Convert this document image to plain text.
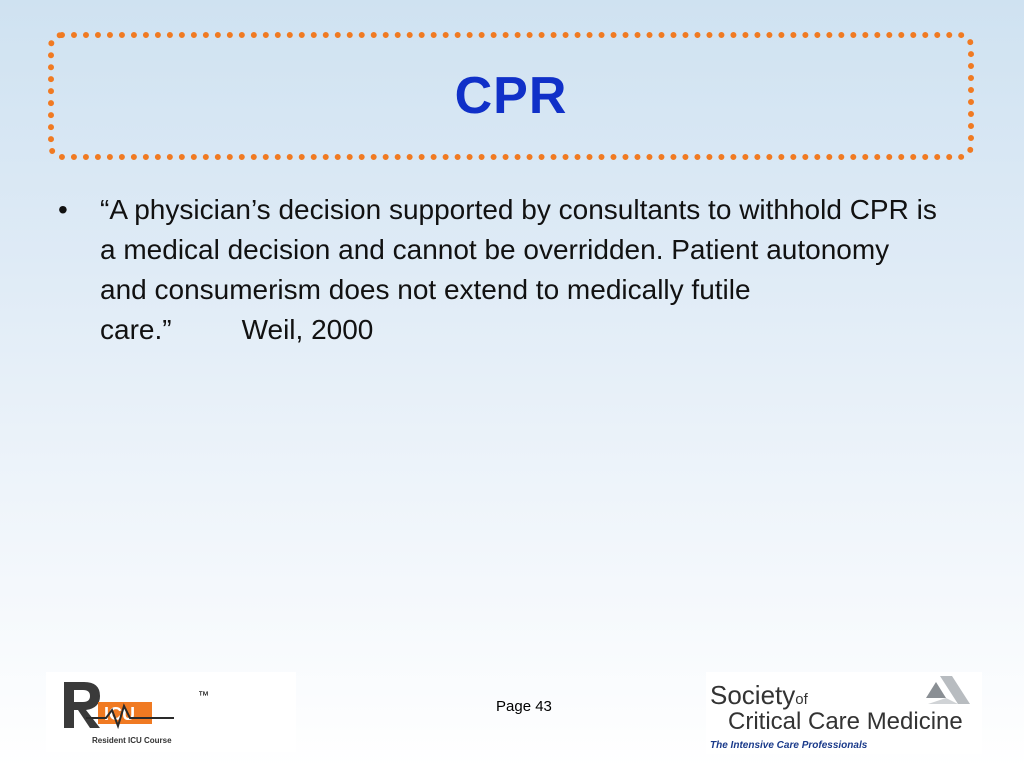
CPR
•	“A physician’s decision supported by consultants to withhold CPR is a medical decision and cannot be overridden. Patient autonomy and consumerism does not extend to medically futile care.”	Weil, 2000
ICU
™
Resident ICU Course
Page 43	Societyof
Critical Care Medicine
The Intensive Care Professionals
